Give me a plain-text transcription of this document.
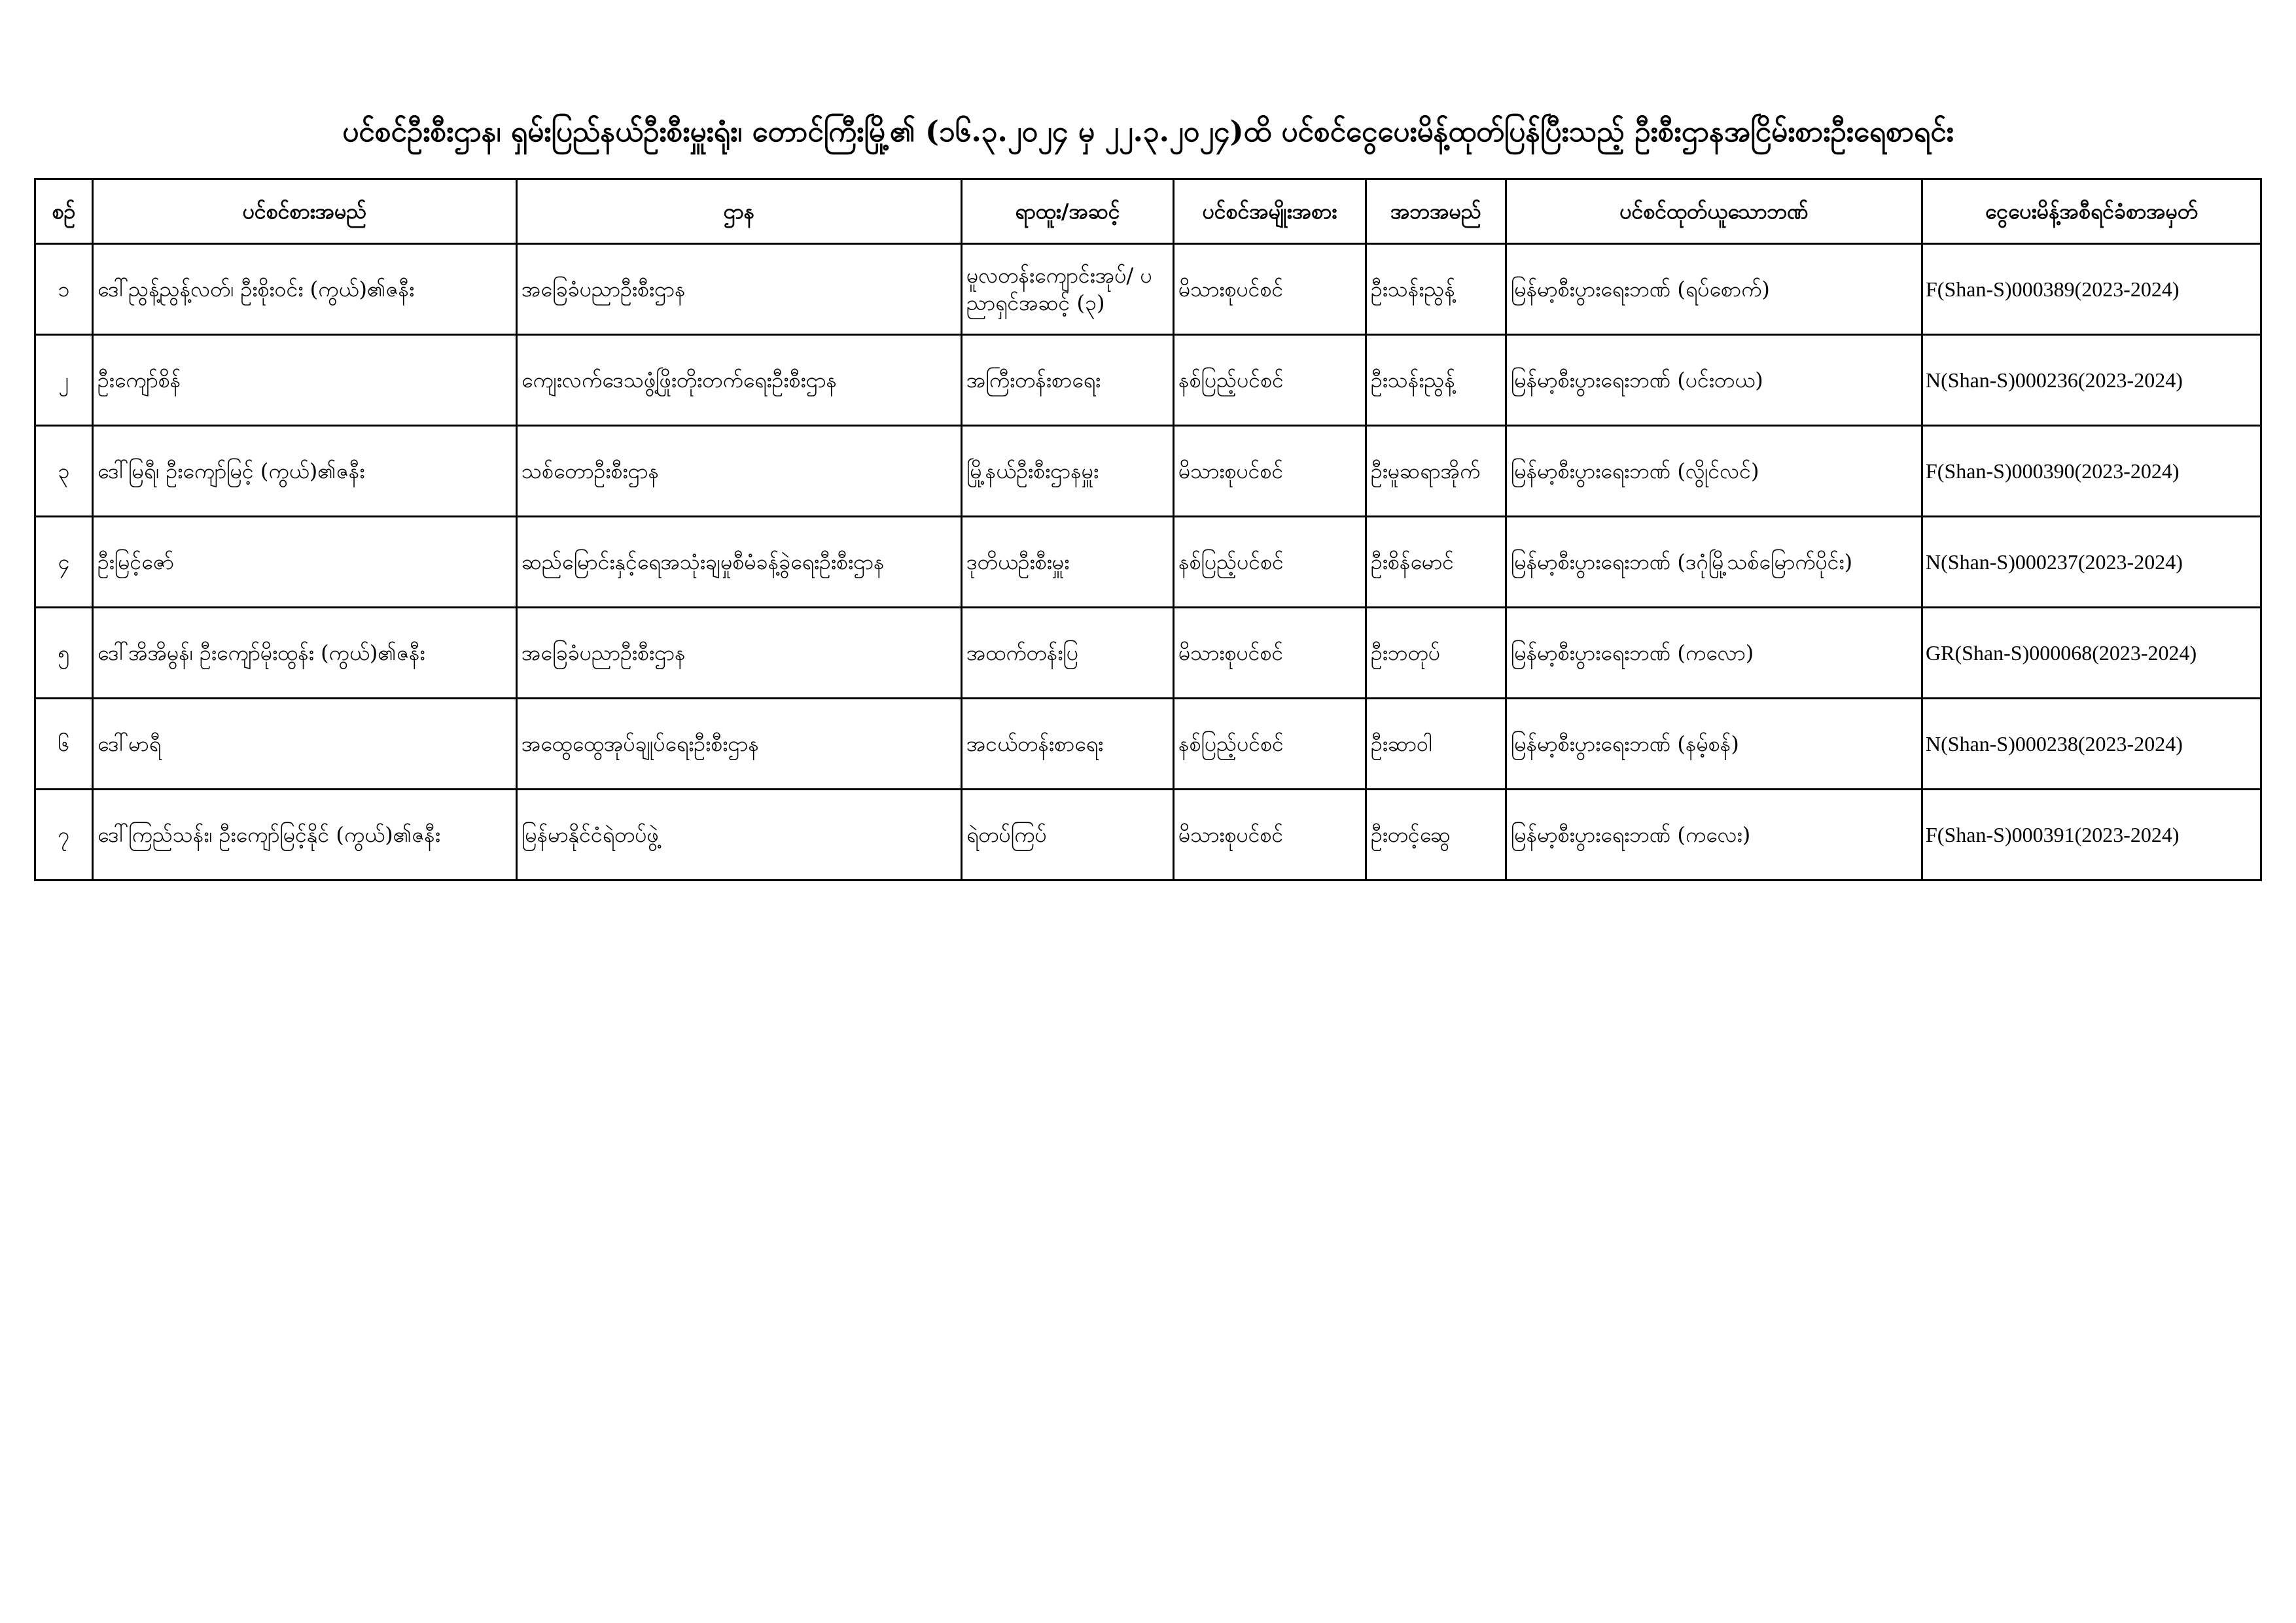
ပင်စင်ဦးစီးဌာန၊ ရှမ်းပြည်နယ်ဦးစီးမှူးရုံး၊ တောင်ကြီးမြို့၏ (၁၆.၃.၂၀၂၄ မှ ၂၂.၃.၂၀၂၄)ထိ ပင်စင်ငွေပေးမိန့်ထုတ်ပြန်ပြီးသည့် ဦးစီးဌာနအငြိမ်းစားဦးရေစာရင်း
စဉ်	ပင်စင်စားအမည်	ဌာန	ရာထူး/အဆင့်	ပင်စင်အမျိုးအစား	အဘအမည်	ပင်စင်ထုတ်ယူသောဘဏ်	ငွေပေးမိန့်အစီရင်ခံစာအမှတ်
၁	ဒေါ်ညွန့်ညွန့်လတ်၊ ဦးစိုးဝင်း (ကွယ်)၏ဇနီး	အခြေခံပညာဦးစီးဌာန	မူလတန်းကျောင်းအုပ်/ ပညာရှင်အဆင့် (၃)	မိသားစုပင်စင်	ဦးသန်းညွန့်	မြန်မာ့စီးပွားရေးဘဏ် (ရပ်စောက်)	F(Shan-S)000389(2023-2024)
၂	ဦးကျော်စိန်	ကျေးလက်ဒေသဖွံ့ဖြိုးတိုးတက်ရေးဦးစီးဌာန	အကြီးတန်းစာရေး	နစ်ပြည့်ပင်စင်	ဦးသန်းညွန့်	မြန်မာ့စီးပွားရေးဘဏ် (ပင်းတယ)	N(Shan-S)000236(2023-2024)
၃	ဒေါ်မြရီ၊ ဦးကျော်မြင့် (ကွယ်)၏ဇနီး	သစ်တောဦးစီးဌာန	မြို့နယ်ဦးစီးဌာနမှူး	မိသားစုပင်စင်	ဦးမူဆရာအိုက်	မြန်မာ့စီးပွားရေးဘဏ် (လွိုင်လင်)	F(Shan-S)000390(2023-2024)
၄	ဦးမြင့်ဇော်	ဆည်မြောင်းနှင့်ရေအသုံးချမှုစီမံခန့်ခွဲရေးဦးစီးဌာန	ဒုတိယဦးစီးမှူး	နစ်ပြည့်ပင်စင်	ဦးစိန်မောင်	မြန်မာ့စီးပွားရေးဘဏ် (ဒဂုံမြို့သစ်မြောက်ပိုင်း)	N(Shan-S)000237(2023-2024)
၅	ဒေါ်အိအိမွန်၊ ဦးကျော်မိုးထွန်း (ကွယ်)၏ဇနီး	အခြေခံပညာဦးစီးဌာန	အထက်တန်းပြ	မိသားစုပင်စင်	ဦးဘတုပ်	မြန်မာ့စီးပွားရေးဘဏ် (ကလော)	GR(Shan-S)000068(2023-2024)
၆	ဒေါ်မာရီ	အထွေထွေအုပ်ချုပ်ရေးဦးစီးဌာန	အငယ်တန်းစာရေး	နစ်ပြည့်ပင်စင်	ဦးဆာဝါ	မြန်မာ့စီးပွားရေးဘဏ် (နမ့်စန်)	N(Shan-S)000238(2023-2024)
၇	ဒေါ်ကြည်သန်း၊ ဦးကျော်မြင့်နိုင် (ကွယ်)၏ဇနီး	မြန်မာနိုင်ငံရဲတပ်ဖွဲ့	ရဲတပ်ကြပ်	မိသားစုပင်စင်	ဦးတင့်ဆွေ	မြန်မာ့စီးပွားရေးဘဏ် (ကလေး)	F(Shan-S)000391(2023-2024)
